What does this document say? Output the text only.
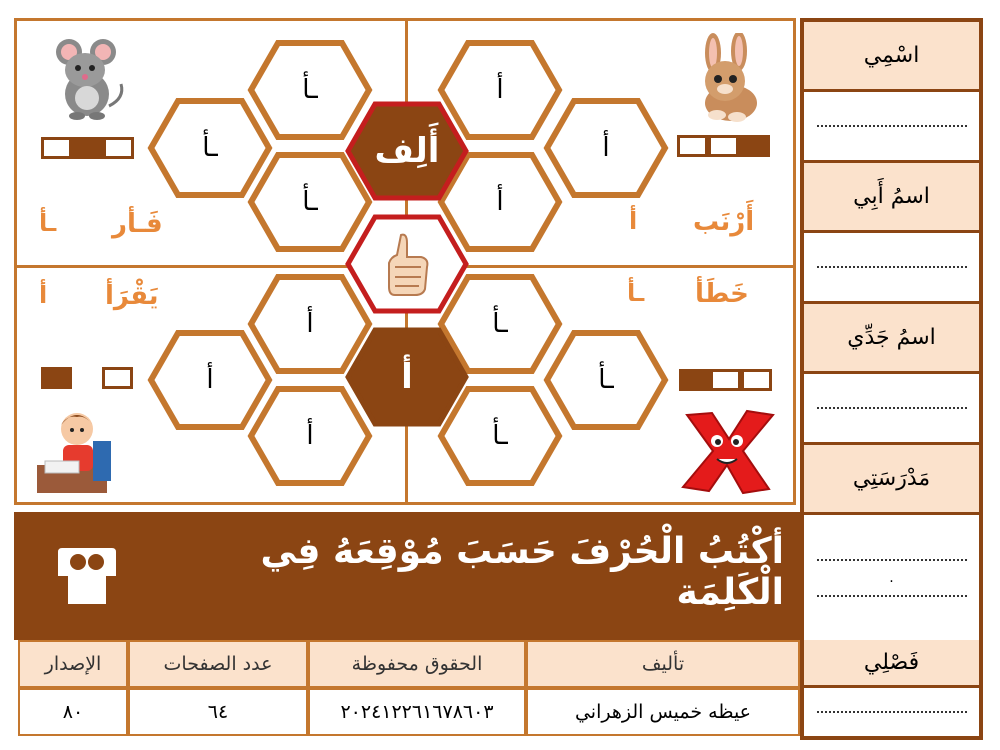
فَـأر
ـأ
ـأ
ـأ
ـأ
أَرْنَب
أ
أ
أ
أ
يَقْرَأ
أ
أ
أ
أ
خَطَأ
ـأ
ـأ
ـأ
ـأ
أَلِف
أ
اسْمِي
اسمُ أَبِي
اسمُ جَدِّي
مَدْرَسَتِي
.
أكْتُبُ الْحُرْفَ حَسَبَ مُوْقِعَهُ فِي الْكَلِمَة
الإصدار	عدد الصفحات	الحقوق محفوظة	تأليف
٨٠	٦٤	٢٠٢٤١٢٢٦١٦٧٨٦٠٣	عيظه خميس الزهراني
فَصْلِي
